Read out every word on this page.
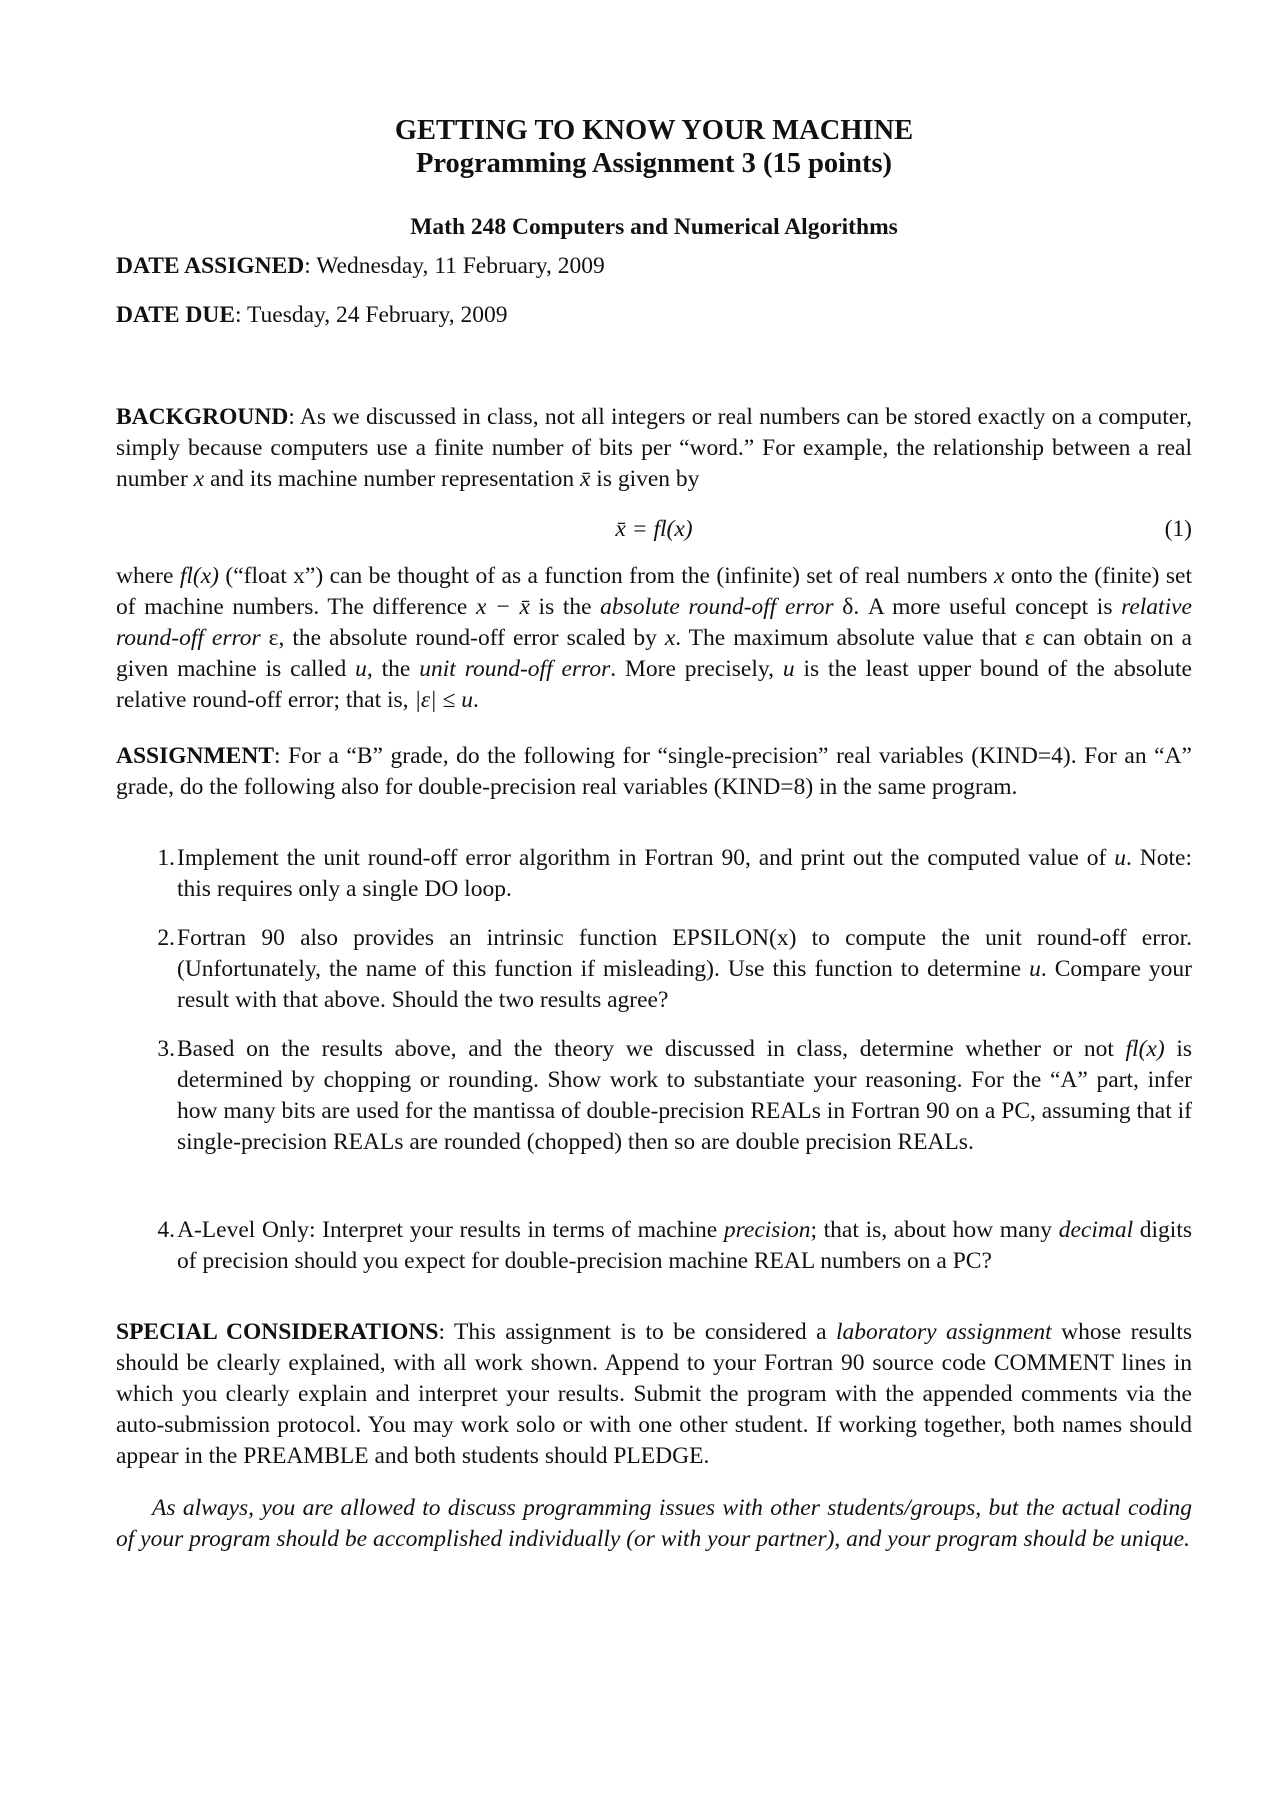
GETTING TO KNOW YOUR MACHINE
Programming Assignment 3 (15 points)
Math 248 Computers and Numerical Algorithms
DATE ASSIGNED: Wednesday, 11 February, 2009
DATE DUE: Tuesday, 24 February, 2009
BACKGROUND: As we discussed in class, not all integers or real numbers can be stored exactly on a computer, simply because computers use a finite number of bits per “word.” For example, the relationship between a real number x and its machine number representation x̄ is given by
x̄ = fl(x)	(1)
where fl(x) (“float x”) can be thought of as a function from the (infinite) set of real numbers x onto the (finite) set of machine numbers. The difference x − x̄ is the absolute round-off error δ. A more useful concept is relative round-off error ε, the absolute round-off error scaled by x. The maximum absolute value that ε can obtain on a given machine is called u, the unit round-off error. More precisely, u is the least upper bound of the absolute relative round-off error; that is, |ε| ≤ u.
ASSIGNMENT: For a “B” grade, do the following for “single-precision” real variables (KIND=4). For an “A” grade, do the following also for double-precision real variables (KIND=8) in the same program.
1. Implement the unit round-off error algorithm in Fortran 90, and print out the computed value of u. Note: this requires only a single DO loop.
2. Fortran 90 also provides an intrinsic function EPSILON(x) to compute the unit round-off error. (Unfortunately, the name of this function if misleading). Use this function to determine u. Compare your result with that above. Should the two results agree?
3. Based on the results above, and the theory we discussed in class, determine whether or not fl(x) is determined by chopping or rounding. Show work to substantiate your reasoning. For the “A” part, infer how many bits are used for the mantissa of double-precision REALs in Fortran 90 on a PC, assuming that if single-precision REALs are rounded (chopped) then so are double precision REALs.
4. A-Level Only: Interpret your results in terms of machine precision; that is, about how many decimal digits of precision should you expect for double-precision machine REAL numbers on a PC?
SPECIAL CONSIDERATIONS: This assignment is to be considered a laboratory assignment whose results should be clearly explained, with all work shown. Append to your Fortran 90 source code COMMENT lines in which you clearly explain and interpret your results. Submit the program with the appended comments via the auto-submission protocol. You may work solo or with one other student. If working together, both names should appear in the PREAMBLE and both students should PLEDGE.
As always, you are allowed to discuss programming issues with other students/groups, but the actual coding of your program should be accomplished individually (or with your partner), and your program should be unique.
